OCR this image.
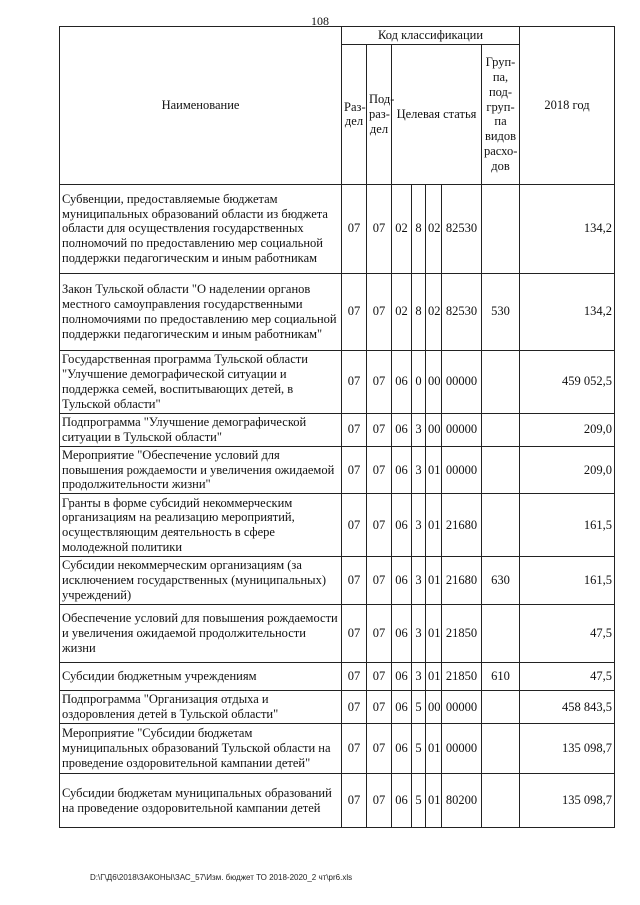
108
Наименование	Код классификации							2018 год
	Раз-дел	Под-раз-дел	Целевая статья				Груп-па, под-груп-па видов расхо-дов	
Субвенции, предоставляемые бюджетам муниципальных образований области из бюджета области для осуществления государственных полномочий по предоставлению мер социальной поддержки педагогическим и иным работникам	07	07	02	8	02	82530		134,2
Закон Тульской области "О наделении органов местного самоуправления государственными полномочиями по предоставлению мер социальной поддержки педагогическим и иным работникам"	07	07	02	8	02	82530	530	134,2
Государственная программа Тульской области "Улучшение демографической ситуации и поддержка семей, воспитывающих детей, в Тульской области"	07	07	06	0	00	00000		459 052,5
Подпрограмма "Улучшение демографической ситуации в Тульской области"	07	07	06	3	00	00000		209,0
Мероприятие "Обеспечение условий для повышения рождаемости и увеличения ожидаемой продолжительности жизни"	07	07	06	3	01	00000		209,0
Гранты в форме субсидий некоммерческим организациям на реализацию мероприятий, осуществляющим деятельность в сфере молодежной политики	07	07	06	3	01	21680		161,5
Субсидии некоммерческим организациям (за исключением государственных (муниципальных) учреждений)	07	07	06	3	01	21680	630	161,5
Обеспечение условий для повышения рождаемости и увеличения ожидаемой продолжительности жизни	07	07	06	3	01	21850		47,5
Субсидии бюджетным учреждениям	07	07	06	3	01	21850	610	47,5
Подпрограмма "Организация отдыха и оздоровления детей в Тульской области"	07	07	06	5	00	00000		458 843,5
Мероприятие "Субсидии бюджетам муниципальных образований Тульской области на проведение оздоровительной кампании детей"	07	07	06	5	01	00000		135 098,7
Субсидии бюджетам муниципальных образований на проведение оздоровительной кампании детей	07	07	06	5	01	80200		135 098,7
D:\Г\Д6\2018\ЗАКОНЫ\ЗАС_57\Изм. бюджет ТО 2018-2020_2 чт\pr6.xls
